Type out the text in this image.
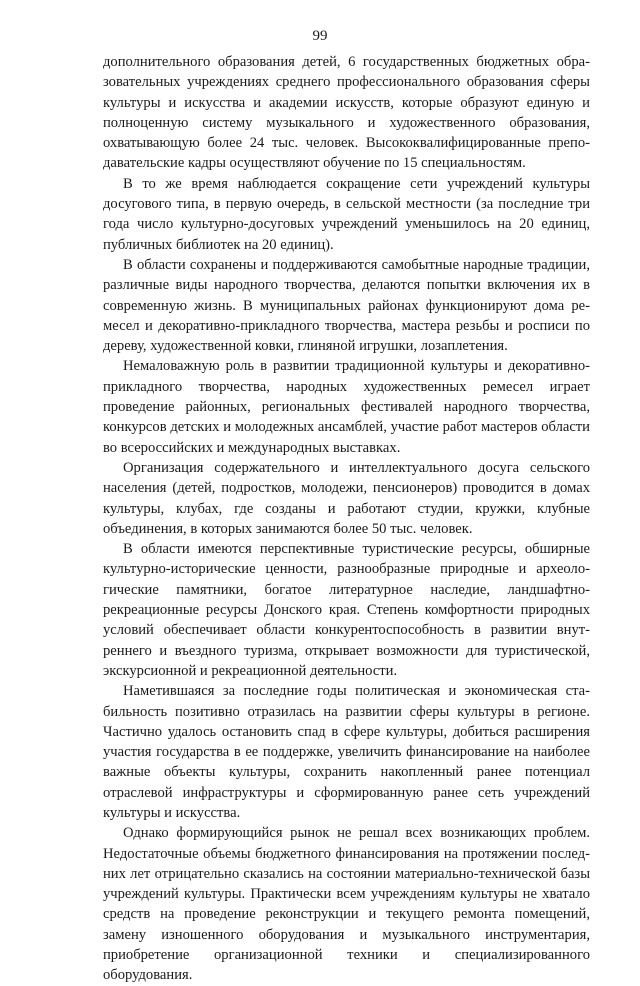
99

дополнительного образования детей, 6 государственных бюджетных образовательных учреждениях среднего профессионального образования сферы культуры и искусства и академии искусств, которые образуют единую и полноценную систему музыкального и художественного образования, охватывающую более 24 тыс. человек. Высококвалифицированные преподавательские кадры осуществляют обучение по 15 специальностям.

В то же время наблюдается сокращение сети учреждений культуры досугового типа, в первую очередь, в сельской местности (за последние три года число культурно-досуговых учреждений уменьшилось на 20 единиц, публичных библиотек на 20 единиц).

В области сохранены и поддерживаются самобытные народные традиции, различные виды народного творчества, делаются попытки включения их в современную жизнь. В муниципальных районах функционируют дома ремесел и декоративно-прикладного творчества, мастера резьбы и росписи по дереву, художественной ковки, глиняной игрушки, лозаплетения.

Немаловажную роль в развитии традиционной культуры и декоративно-прикладного творчества, народных художественных ремесел играет проведение районных, региональных фестивалей народного творчества, конкурсов детских и молодежных ансамблей, участие работ мастеров области во всероссийских и международных выставках.

Организация содержательного и интеллектуального досуга сельского населения (детей, подростков, молодежи, пенсионеров) проводится в домах культуры, клубах, где созданы и работают студии, кружки, клубные объединения, в которых занимаются более 50 тыс. человек.

В области имеются перспективные туристические ресурсы, обширные культурно-исторические ценности, разнообразные природные и археологические памятники, богатое литературное наследие, ландшафтно-рекреационные ресурсы Донского края. Степень комфортности природных условий обеспечивает области конкурентоспособность в развитии внутреннего и въездного туризма, открывает возможности для туристической, экскурсионной и рекреационной деятельности.

Наметившаяся за последние годы политическая и экономическая стабильность позитивно отразилась на развитии сферы культуры в регионе. Частично удалось остановить спад в сфере культуры, добиться расширения участия государства в ее поддержке, увеличить финансирование на наиболее важные объекты культуры, сохранить накопленный ранее потенциал отраслевой инфраструктуры и сформированную ранее сеть учреждений культуры и искусства.

Однако формирующийся рынок не решал всех возникающих проблем. Недостаточные объемы бюджетного финансирования на протяжении последних лет отрицательно сказались на состоянии материально-технической базы учреждений культуры. Практически всем учреждениям культуры не хватало средств на проведение реконструкции и текущего ремонта помещений, замену изношенного оборудования и музыкального инструментария, приобретение организационной техники и специализированного оборудования.
